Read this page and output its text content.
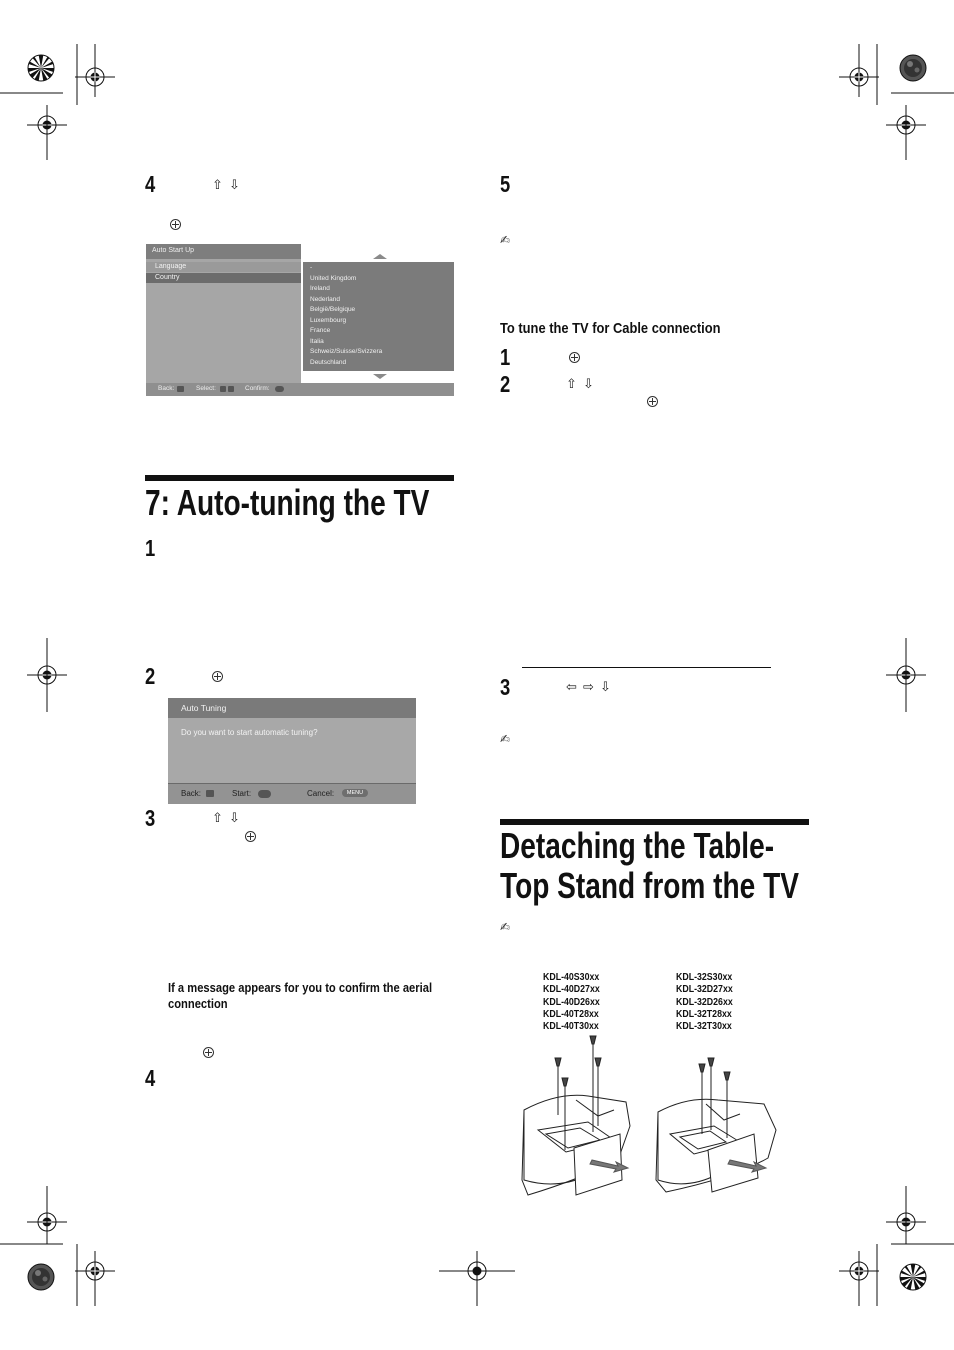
4	⇧ ⇩
Auto Start Up
Language
Country
-
United Kingdom
Ireland
Nederland
België/Belgique
Luxembourg
France
Italia
Schweiz/Suisse/Svizzera
Deutschland
Back:	Select:	Confirm:
7: Auto-tuning the TV
1
2
Auto Tuning
Do you want to start automatic tuning?
Back:	Start:	Cancel:	MENU
3	⇧ ⇩
If a message appears for you to confirm the aerial connection
4
5
✍
To tune the TV for Cable connection
1
2	⇧ ⇩
3	⇦ ⇨ ⇩
✍
Detaching the Table-
Top Stand from the TV
✍
KDL-40S30xx
KDL-40D27xx
KDL-40D26xx
KDL-40T28xx
KDL-40T30xx
KDL-32S30xx
KDL-32D27xx
KDL-32D26xx
KDL-32T28xx
KDL-32T30xx
